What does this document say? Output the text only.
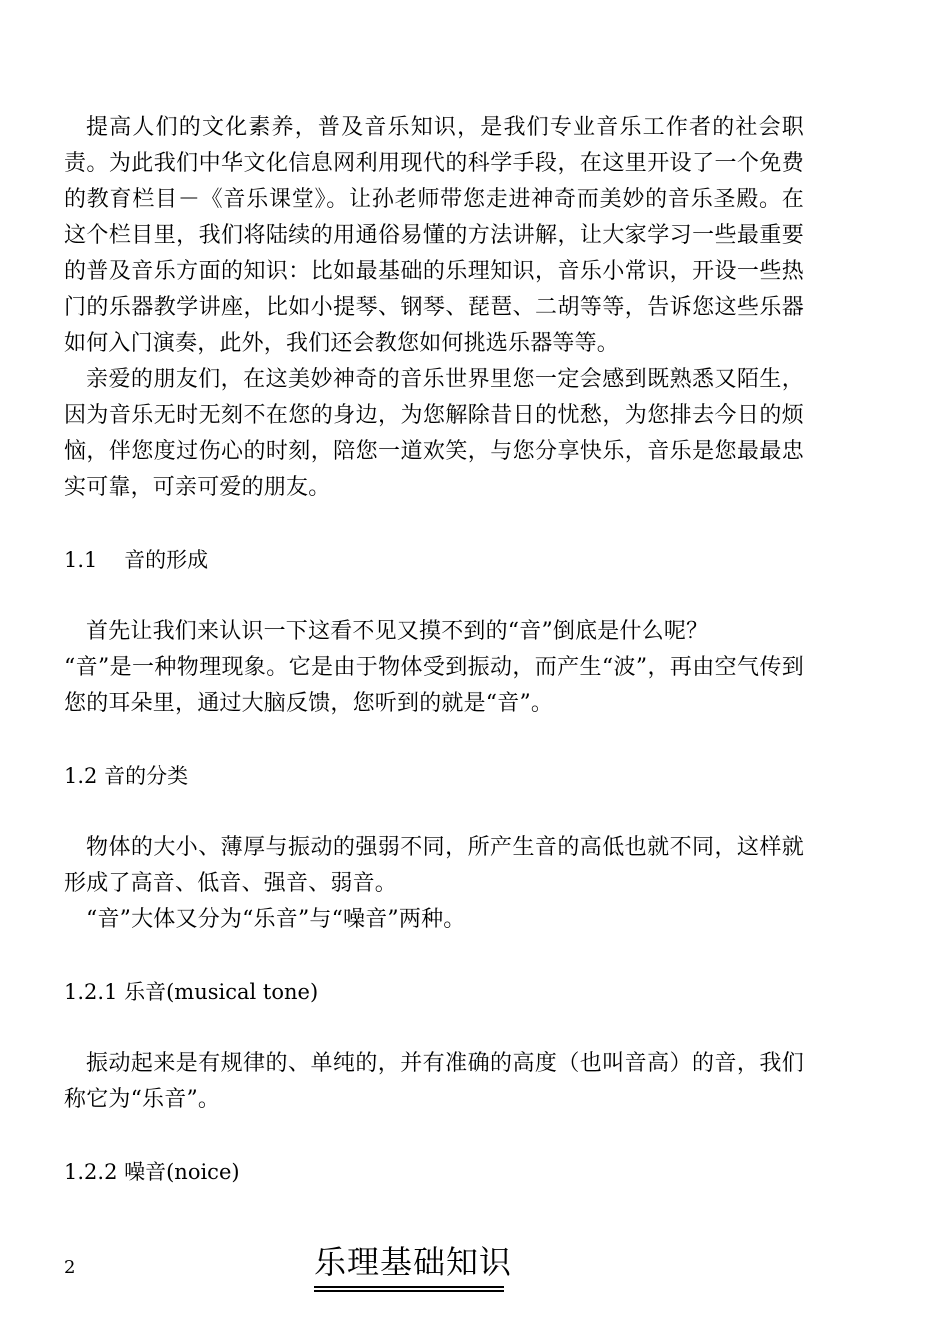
提高人们的文化素养，普及音乐知识，是我们专业音乐工作者的社会职责。为此我们中华文化信息网利用现代的科学手段，在这里开设了一个免费的教育栏目－《音乐课堂》。让孙老师带您走进神奇而美妙的音乐圣殿。在这个栏目里，我们将陆续的用通俗易懂的方法讲解，让大家学习一些最重要的普及音乐方面的知识：比如最基础的乐理知识，音乐小常识，开设一些热门的乐器教学讲座，比如小提琴、钢琴、琵琶、二胡等等，告诉您这些乐器如何入门演奏，此外，我们还会教您如何挑选乐器等等。

亲爱的朋友们，在这美妙神奇的音乐世界里您一定会感到既熟悉又陌生，因为音乐无时无刻不在您的身边，为您解除昔日的忧愁，为您排去今日的烦恼，伴您度过伤心的时刻，陪您一道欢笑，与您分享快乐，音乐是您最最忠实可靠，可亲可爱的朋友。

1.1    音的形成

首先让我们来认识一下这看不见又摸不到的“音”倒底是什么呢？

“音”是一种物理现象。它是由于物体受到振动，而产生“波”，再由空气传到您的耳朵里，通过大脑反馈，您听到的就是“音”。

1.2 音的分类

物体的大小、薄厚与振动的强弱不同，所产生音的高低也就不同，这样就形成了高音、低音、强音、弱音。

“音”大体又分为“乐音”与“噪音”两种。

1.2.1 乐音(musical tone)

振动起来是有规律的、单纯的，并有准确的高度（也叫音高）的音，我们称它为“乐音”。

1.2.2 噪音(noice)

2	乐理基础知识
